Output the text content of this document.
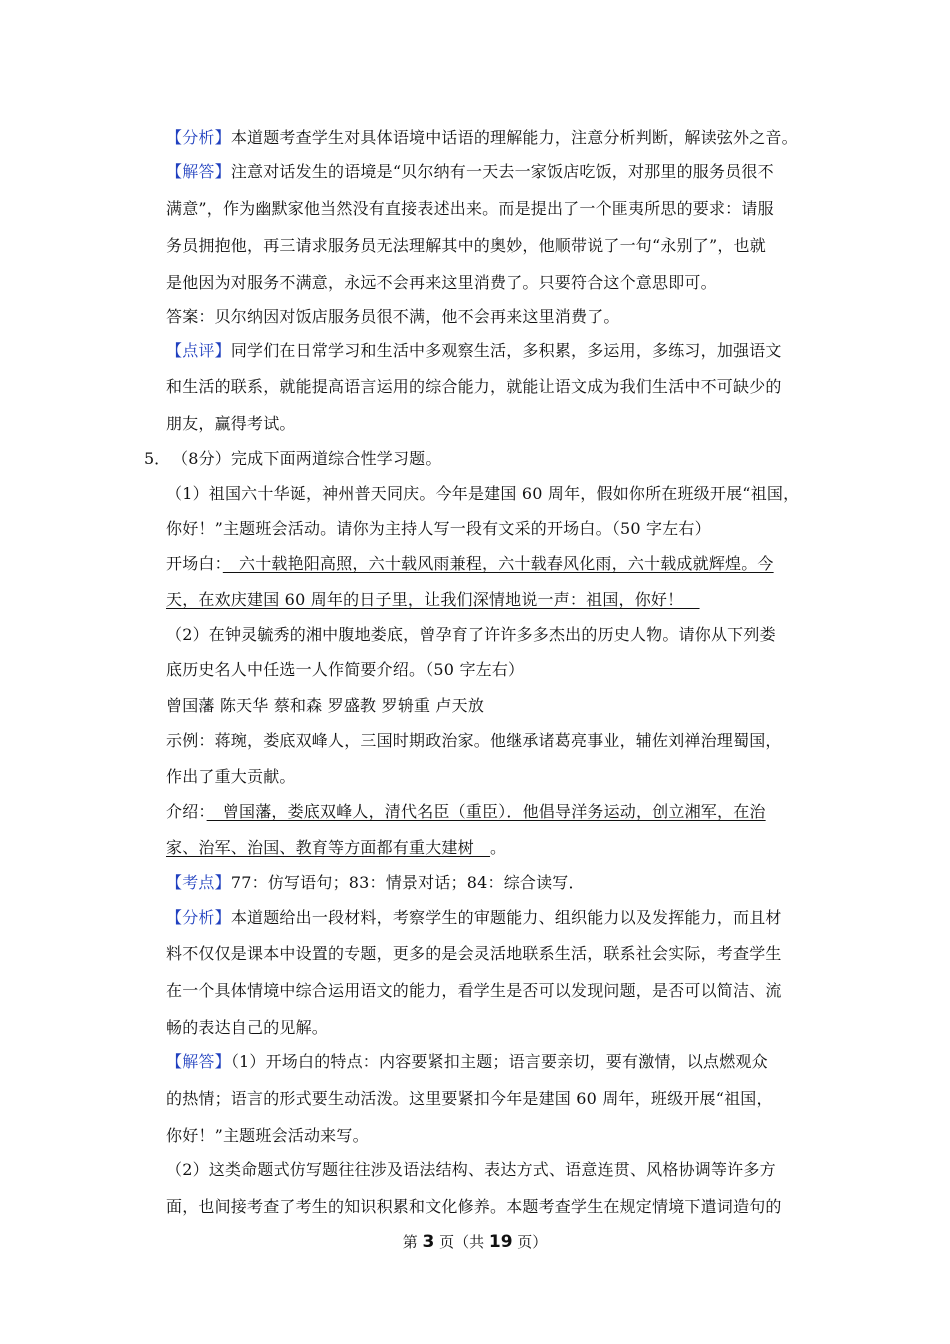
【分析】本道题考查学生对具体语境中话语的理解能力，注意分析判断，解读弦外之音。
【解答】注意对话发生的语境是“贝尔纳有一天去一家饭店吃饭，对那里的服务员很不
满意”，作为幽默家他当然没有直接表述出来。而是提出了一个匪夷所思的要求：请服
务员拥抱他，再三请求服务员无法理解其中的奥妙，他顺带说了一句“永别了”，也就
是他因为对服务不满意，永远不会再来这里消费了。只要符合这个意思即可。
答案：贝尔纳因对饭店服务员很不满，他不会再来这里消费了。
【点评】同学们在日常学习和生活中多观察生活，多积累，多运用，多练习，加强语文
和生活的联系，就能提高语言运用的综合能力，就能让语文成为我们生活中不可缺少的
朋友，赢得考试。
5． （8分）完成下面两道综合性学习题。
（1）祖国六十华诞，神州普天同庆。今年是建国 60 周年，假如你所在班级开展“祖国，
你好！”主题班会活动。请你为主持人写一段有文采的开场白。（50 字左右）
开场白：　六十载艳阳高照，六十载风雨兼程，六十载春风化雨，六十载成就辉煌。今
天，在欢庆建国 60 周年的日子里，让我们深情地说一声：祖国，你好！　
（2）在钟灵毓秀的湘中腹地娄底，曾孕育了许许多多杰出的历史人物。请你从下列娄
底历史名人中任选一人作简要介绍。（50 字左右）
曾国藩 陈天华 蔡和森 罗盛教 罗辀重 卢天放
示例：蒋琬，娄底双峰人，三国时期政治家。他继承诸葛亮事业，辅佐刘禅治理蜀国，
作出了重大贡献。
介绍：　曾国藩，娄底双峰人，清代名臣（重臣）．他倡导洋务运动，创立湘军，在治
家、治军、治国、教育等方面都有重大建树　。
【考点】77：仿写语句；83：情景对话；84：综合读写．
【分析】本道题给出一段材料，考察学生的审题能力、组织能力以及发挥能力，而且材
料不仅仅是课本中设置的专题，更多的是会灵活地联系生活，联系社会实际，考查学生
在一个具体情境中综合运用语文的能力，看学生是否可以发现问题，是否可以简洁、流
畅的表达自己的见解。
【解答】（1）开场白的特点：内容要紧扣主题；语言要亲切，要有激情，以点燃观众
的热情；语言的形式要生动活泼。这里要紧扣今年是建国 60 周年，班级开展“祖国，
你好！”主题班会活动来写。
（2）这类命题式仿写题往往涉及语法结构、表达方式、语意连贯、风格协调等许多方
面，也间接考查了考生的知识积累和文化修养。本题考查学生在规定情境下遣词造句的
第 3 页（共 19 页）
